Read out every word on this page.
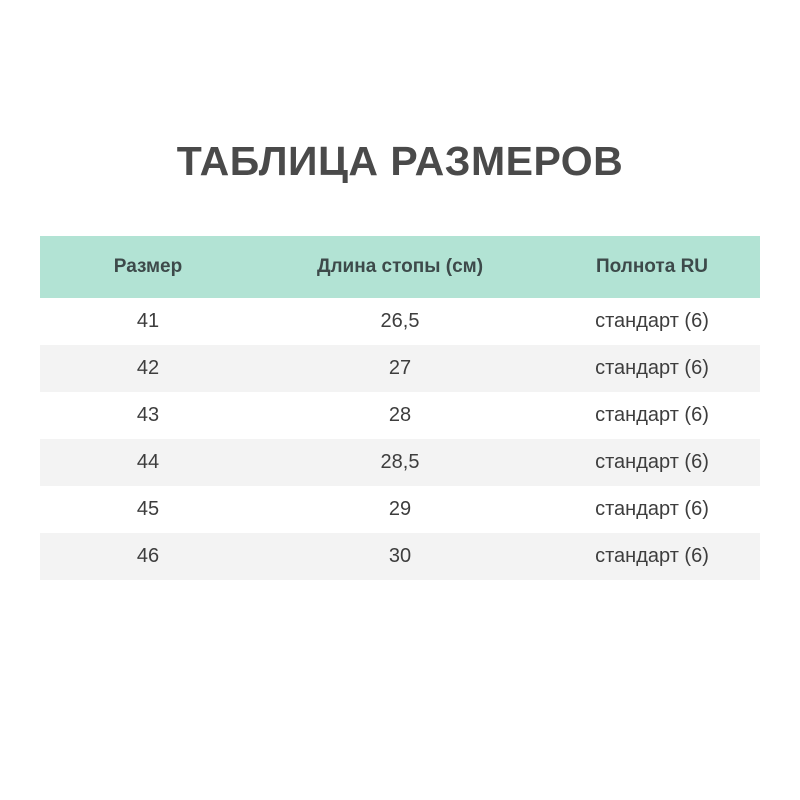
ТАБЛИЦА РАЗМЕРОВ
Размер	Длина стопы (см)	Полнота RU
41	26,5	стандарт (6)
42	27	стандарт (6)
43	28	стандарт (6)
44	28,5	стандарт (6)
45	29	стандарт (6)
46	30	стандарт (6)
